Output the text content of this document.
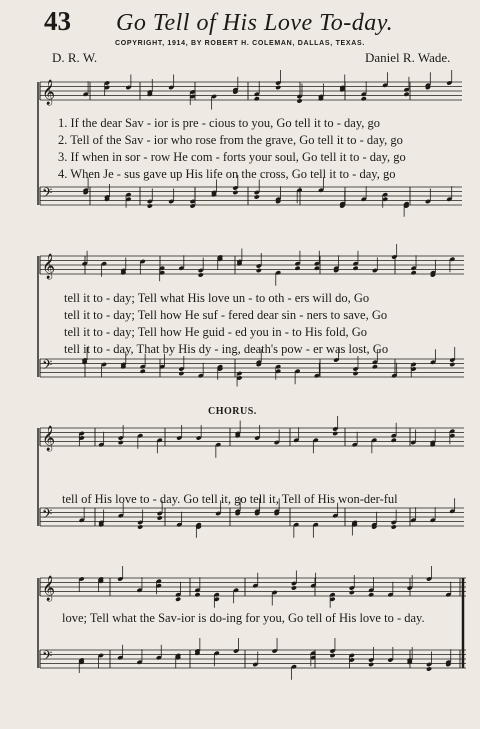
43 Go Tell of His Love To-day.
COPYRIGHT, 1914, BY ROBERT H. COLEMAN, DALLAS, TEXAS.
D. R. W.	Daniel R. Wade.
𝄞
𝄢
𝄞
𝄢
𝄞
𝄢
𝄞
𝄢
1. If the dear Sav - ior is pre - cious to you, Go tell it to - day, go
2. Tell of the Sav - ior who rose from the grave, Go tell it to - day, go
3. If when in sor - row He com - forts your soul, Go tell it to - day, go
4. When Je - sus gave up His life on the cross, Go tell it to - day, go
tell it to - day; Tell what His love un - to oth - ers will do, Go
tell it to - day; Tell how He suf - fered dear sin - ners to save, Go
tell it to - day; Tell how He guid - ed you in - to His fold, Go
tell it to - day, That by His dy - ing, death's pow - er was lost, Go
CHORUS.
tell of His love to - day. Go tell it, go tell it, Tell of His won-der-ful
love; Tell what the Sav-ior is do-ing for you, Go tell of His love to - day.
